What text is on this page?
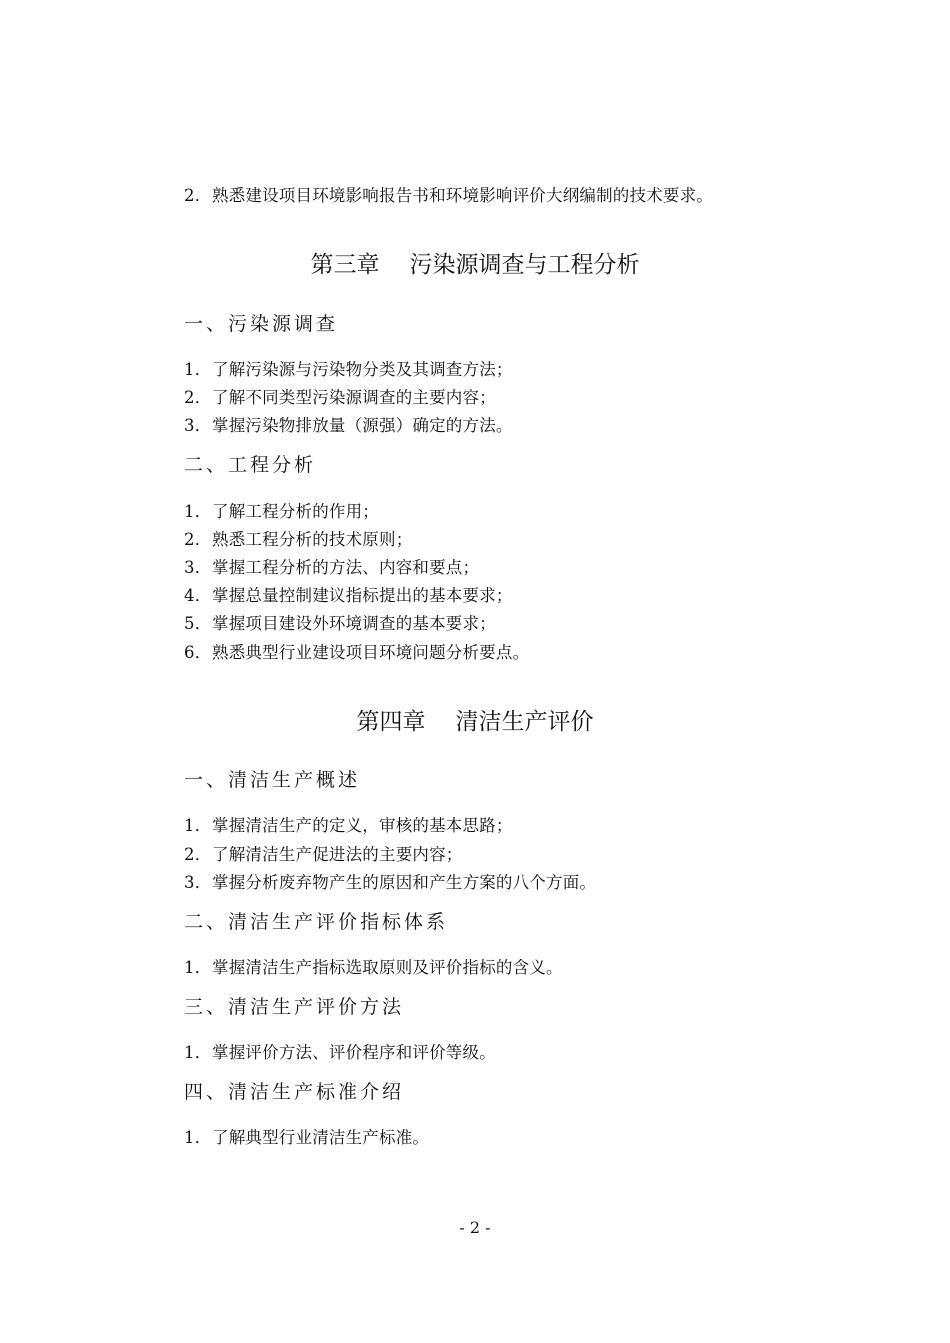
2．熟悉建设项目环境影响报告书和环境影响评价大纲编制的技术要求。
第三章 污染源调查与工程分析
一、污染源调查
1．了解污染源与污染物分类及其调查方法；
2．了解不同类型污染源调查的主要内容；
3．掌握污染物排放量（源强）确定的方法。
二、工程分析
1．了解工程分析的作用；
2．熟悉工程分析的技术原则；
3．掌握工程分析的方法、内容和要点；
4．掌握总量控制建议指标提出的基本要求；
5．掌握项目建设外环境调查的基本要求；
6．熟悉典型行业建设项目环境问题分析要点。
第四章 清洁生产评价
一、清洁生产概述
1．掌握清洁生产的定义，审核的基本思路；
2．了解清洁生产促进法的主要内容；
3．掌握分析废弃物产生的原因和产生方案的八个方面。
二、清洁生产评价指标体系
1．掌握清洁生产指标选取原则及评价指标的含义。
三、清洁生产评价方法
1．掌握评价方法、评价程序和评价等级。
四、清洁生产标准介绍
1．了解典型行业清洁生产标准。
- 2 -
